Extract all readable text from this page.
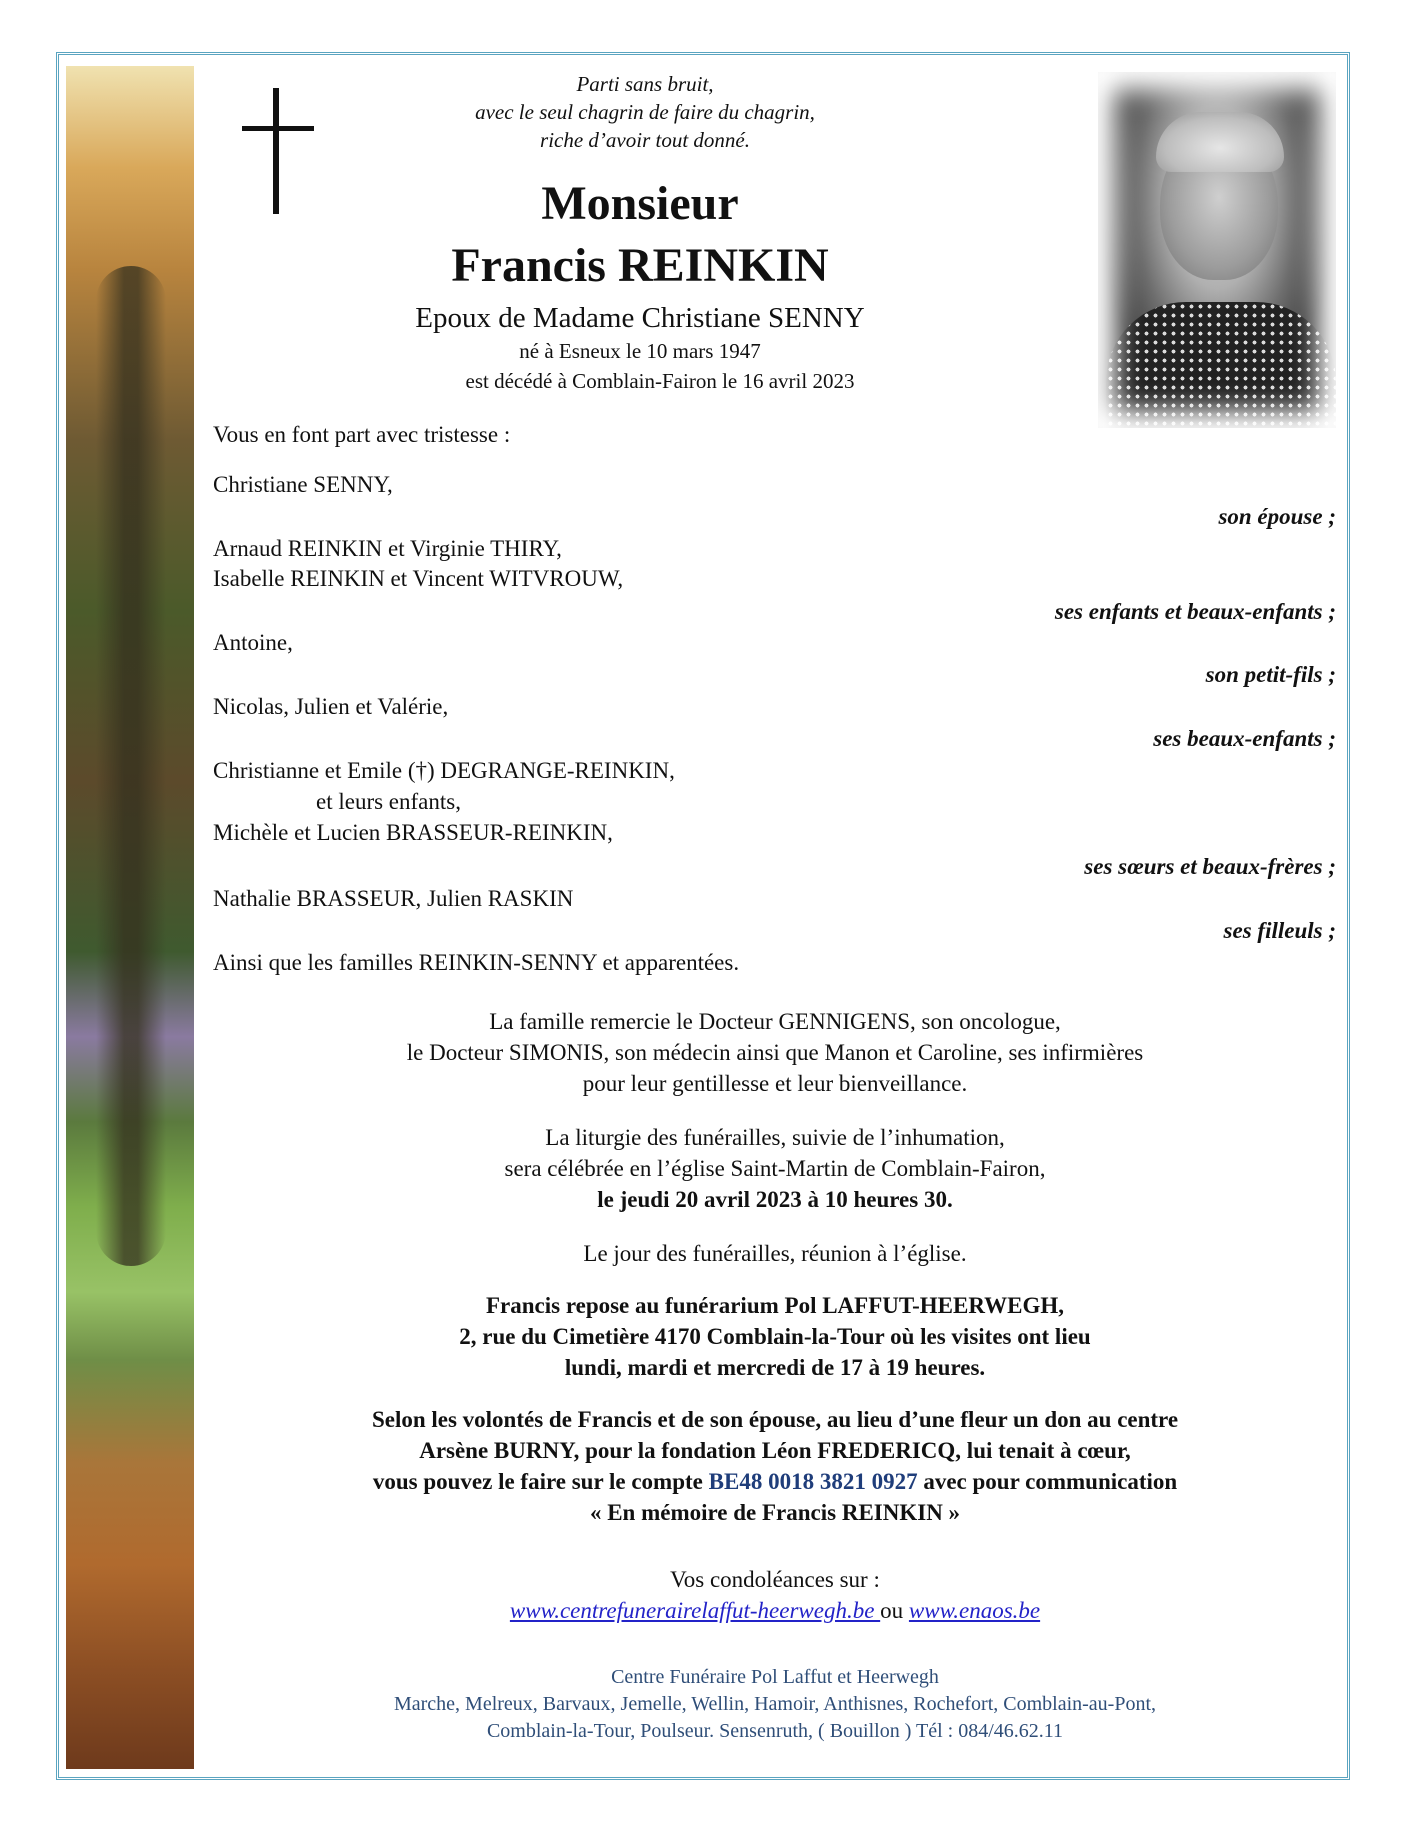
Parti sans bruit,
avec le seul chagrin de faire du chagrin,
riche d’avoir tout donné.
Monsieur
Francis REINKIN
Epoux de Madame Christiane SENNY
né à Esneux le 10 mars 1947
est décédé à Comblain-Fairon le 16 avril 2023
Vous en font part avec tristesse :
Christiane SENNY,
son épouse ;
Arnaud REINKIN et Virginie THIRY,
Isabelle REINKIN et Vincent WITVROUW,
ses enfants et beaux-enfants ;
Antoine,
son petit-fils ;
Nicolas, Julien et Valérie,
ses beaux-enfants ;
Christianne et Emile (†) DEGRANGE-REINKIN,
et leurs enfants,
Michèle et Lucien BRASSEUR-REINKIN,
ses sœurs et beaux-frères ;
Nathalie BRASSEUR, Julien RASKIN
ses filleuls ;
Ainsi que les familles REINKIN-SENNY et apparentées.
La famille remercie le Docteur GENNIGENS, son oncologue,
le Docteur SIMONIS, son médecin ainsi que Manon et Caroline, ses infirmières
pour leur gentillesse et leur bienveillance.
La liturgie des funérailles, suivie de l’inhumation,
sera célébrée en l’église Saint-Martin de Comblain-Fairon,
le jeudi 20 avril 2023 à 10 heures 30.
Le jour des funérailles, réunion à l’église.
Francis repose au funérarium Pol LAFFUT-HEERWEGH,
2, rue du Cimetière 4170 Comblain-la-Tour où les visites ont lieu
lundi, mardi et mercredi de 17 à 19 heures.
Selon les volontés de Francis et de son épouse, au lieu d’une fleur un don au centre
Arsène BURNY, pour la fondation Léon FREDERICQ, lui tenait à cœur,
vous pouvez le faire sur le compte BE48 0018 3821 0927 avec pour communication
« En mémoire de Francis REINKIN »
Vos condoléances sur :
www.centrefunerairelaffut-heerwegh.be ou www.enaos.be
Centre Funéraire Pol Laffut et Heerwegh
Marche, Melreux, Barvaux, Jemelle, Wellin, Hamoir, Anthisnes, Rochefort, Comblain-au-Pont,
Comblain-la-Tour, Poulseur. Sensenruth, ( Bouillon ) Tél : 084/46.62.11
